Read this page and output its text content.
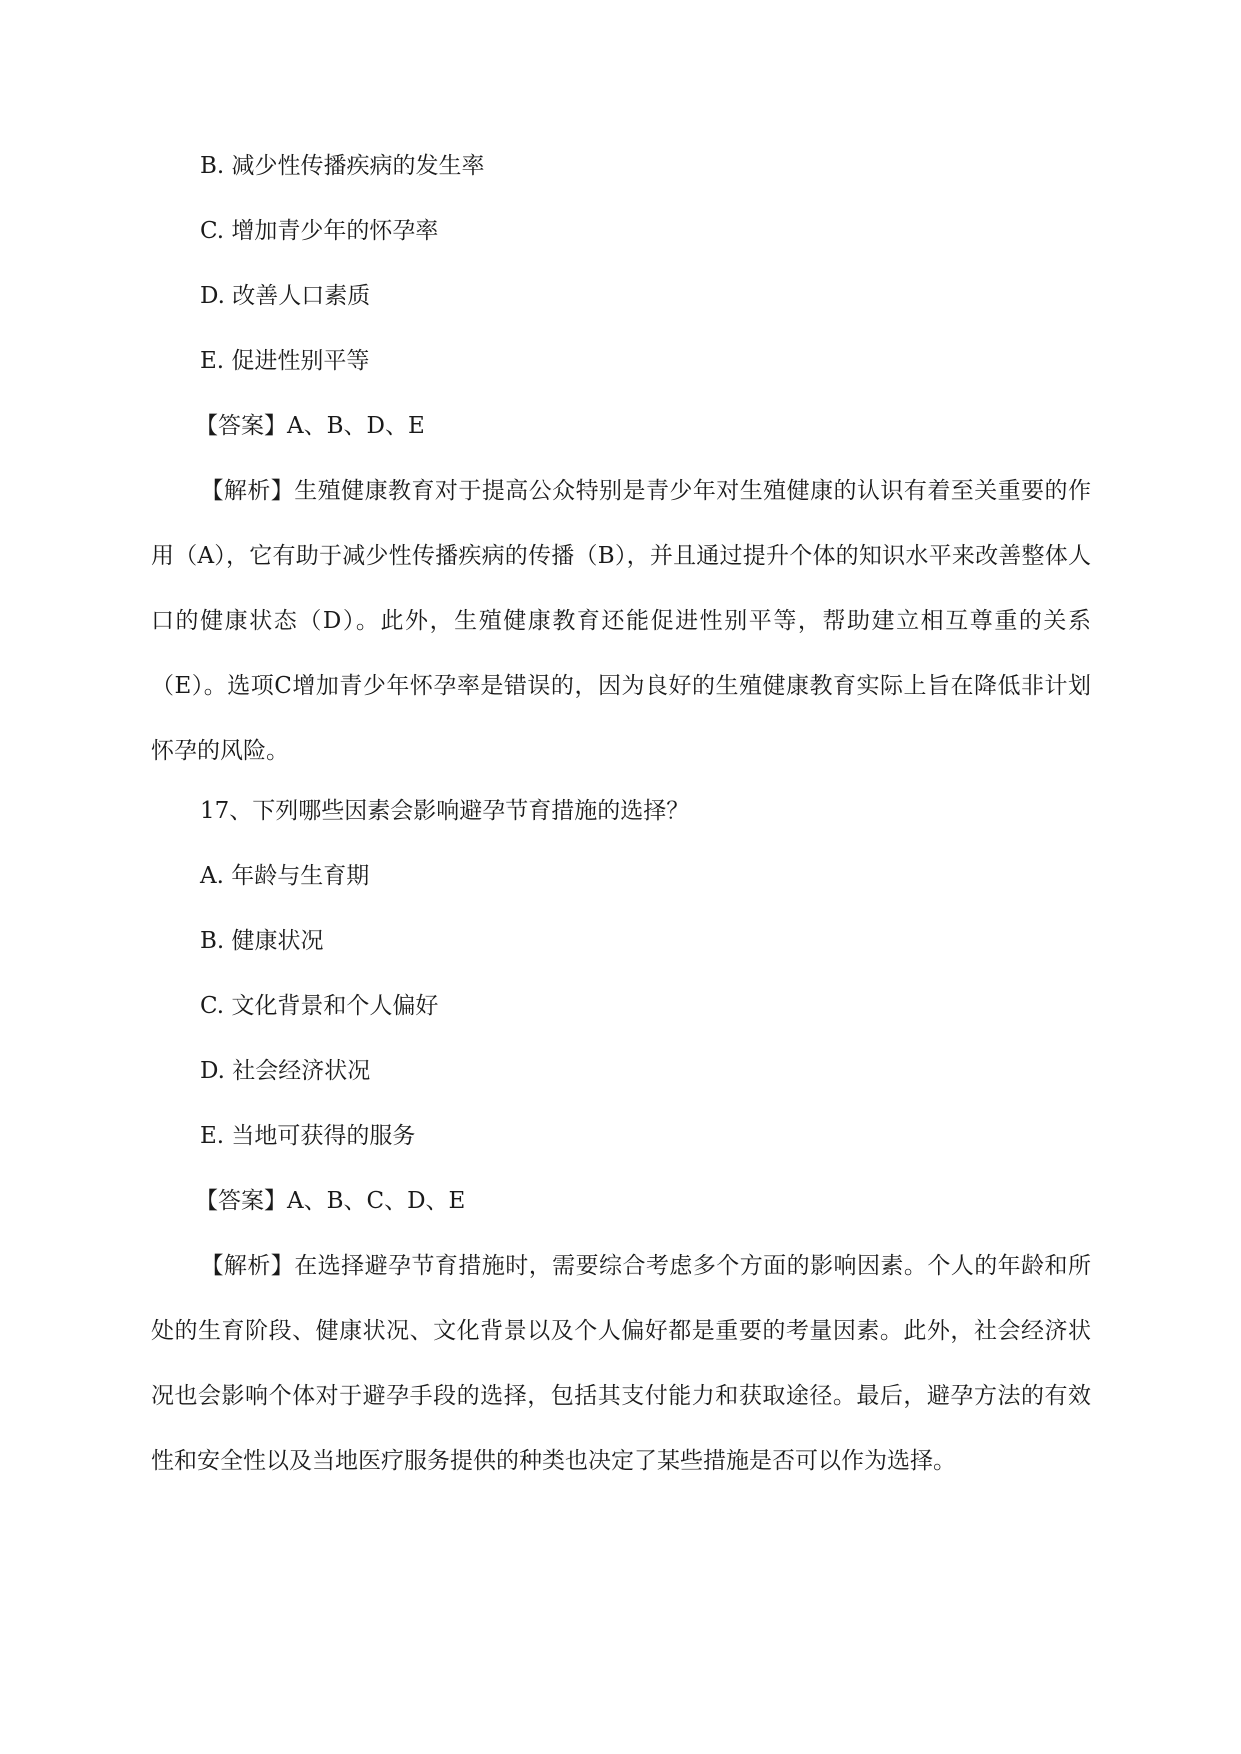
B. 减少性传播疾病的发生率
C. 增加青少年的怀孕率
D. 改善人口素质
E. 促进性别平等
【答案】A、B、D、E
【解析】生殖健康教育对于提高公众特别是青少年对生殖健康的认识有着至关重要的作用（A），它有助于减少性传播疾病的传播（B），并且通过提升个体的知识水平来改善整体人口的健康状态（D）。此外，生殖健康教育还能促进性别平等，帮助建立相互尊重的关系（E）。选项C增加青少年怀孕率是错误的，因为良好的生殖健康教育实际上旨在降低非计划怀孕的风险。
17、下列哪些因素会影响避孕节育措施的选择？
A. 年龄与生育期
B. 健康状况
C. 文化背景和个人偏好
D. 社会经济状况
E. 当地可获得的服务
【答案】A、B、C、D、E
【解析】在选择避孕节育措施时，需要综合考虑多个方面的影响因素。个人的年龄和所处的生育阶段、健康状况、文化背景以及个人偏好都是重要的考量因素。此外，社会经济状况也会影响个体对于避孕手段的选择，包括其支付能力和获取途径。最后，避孕方法的有效性和安全性以及当地医疗服务提供的种类也决定了某些措施是否可以作为选择。
